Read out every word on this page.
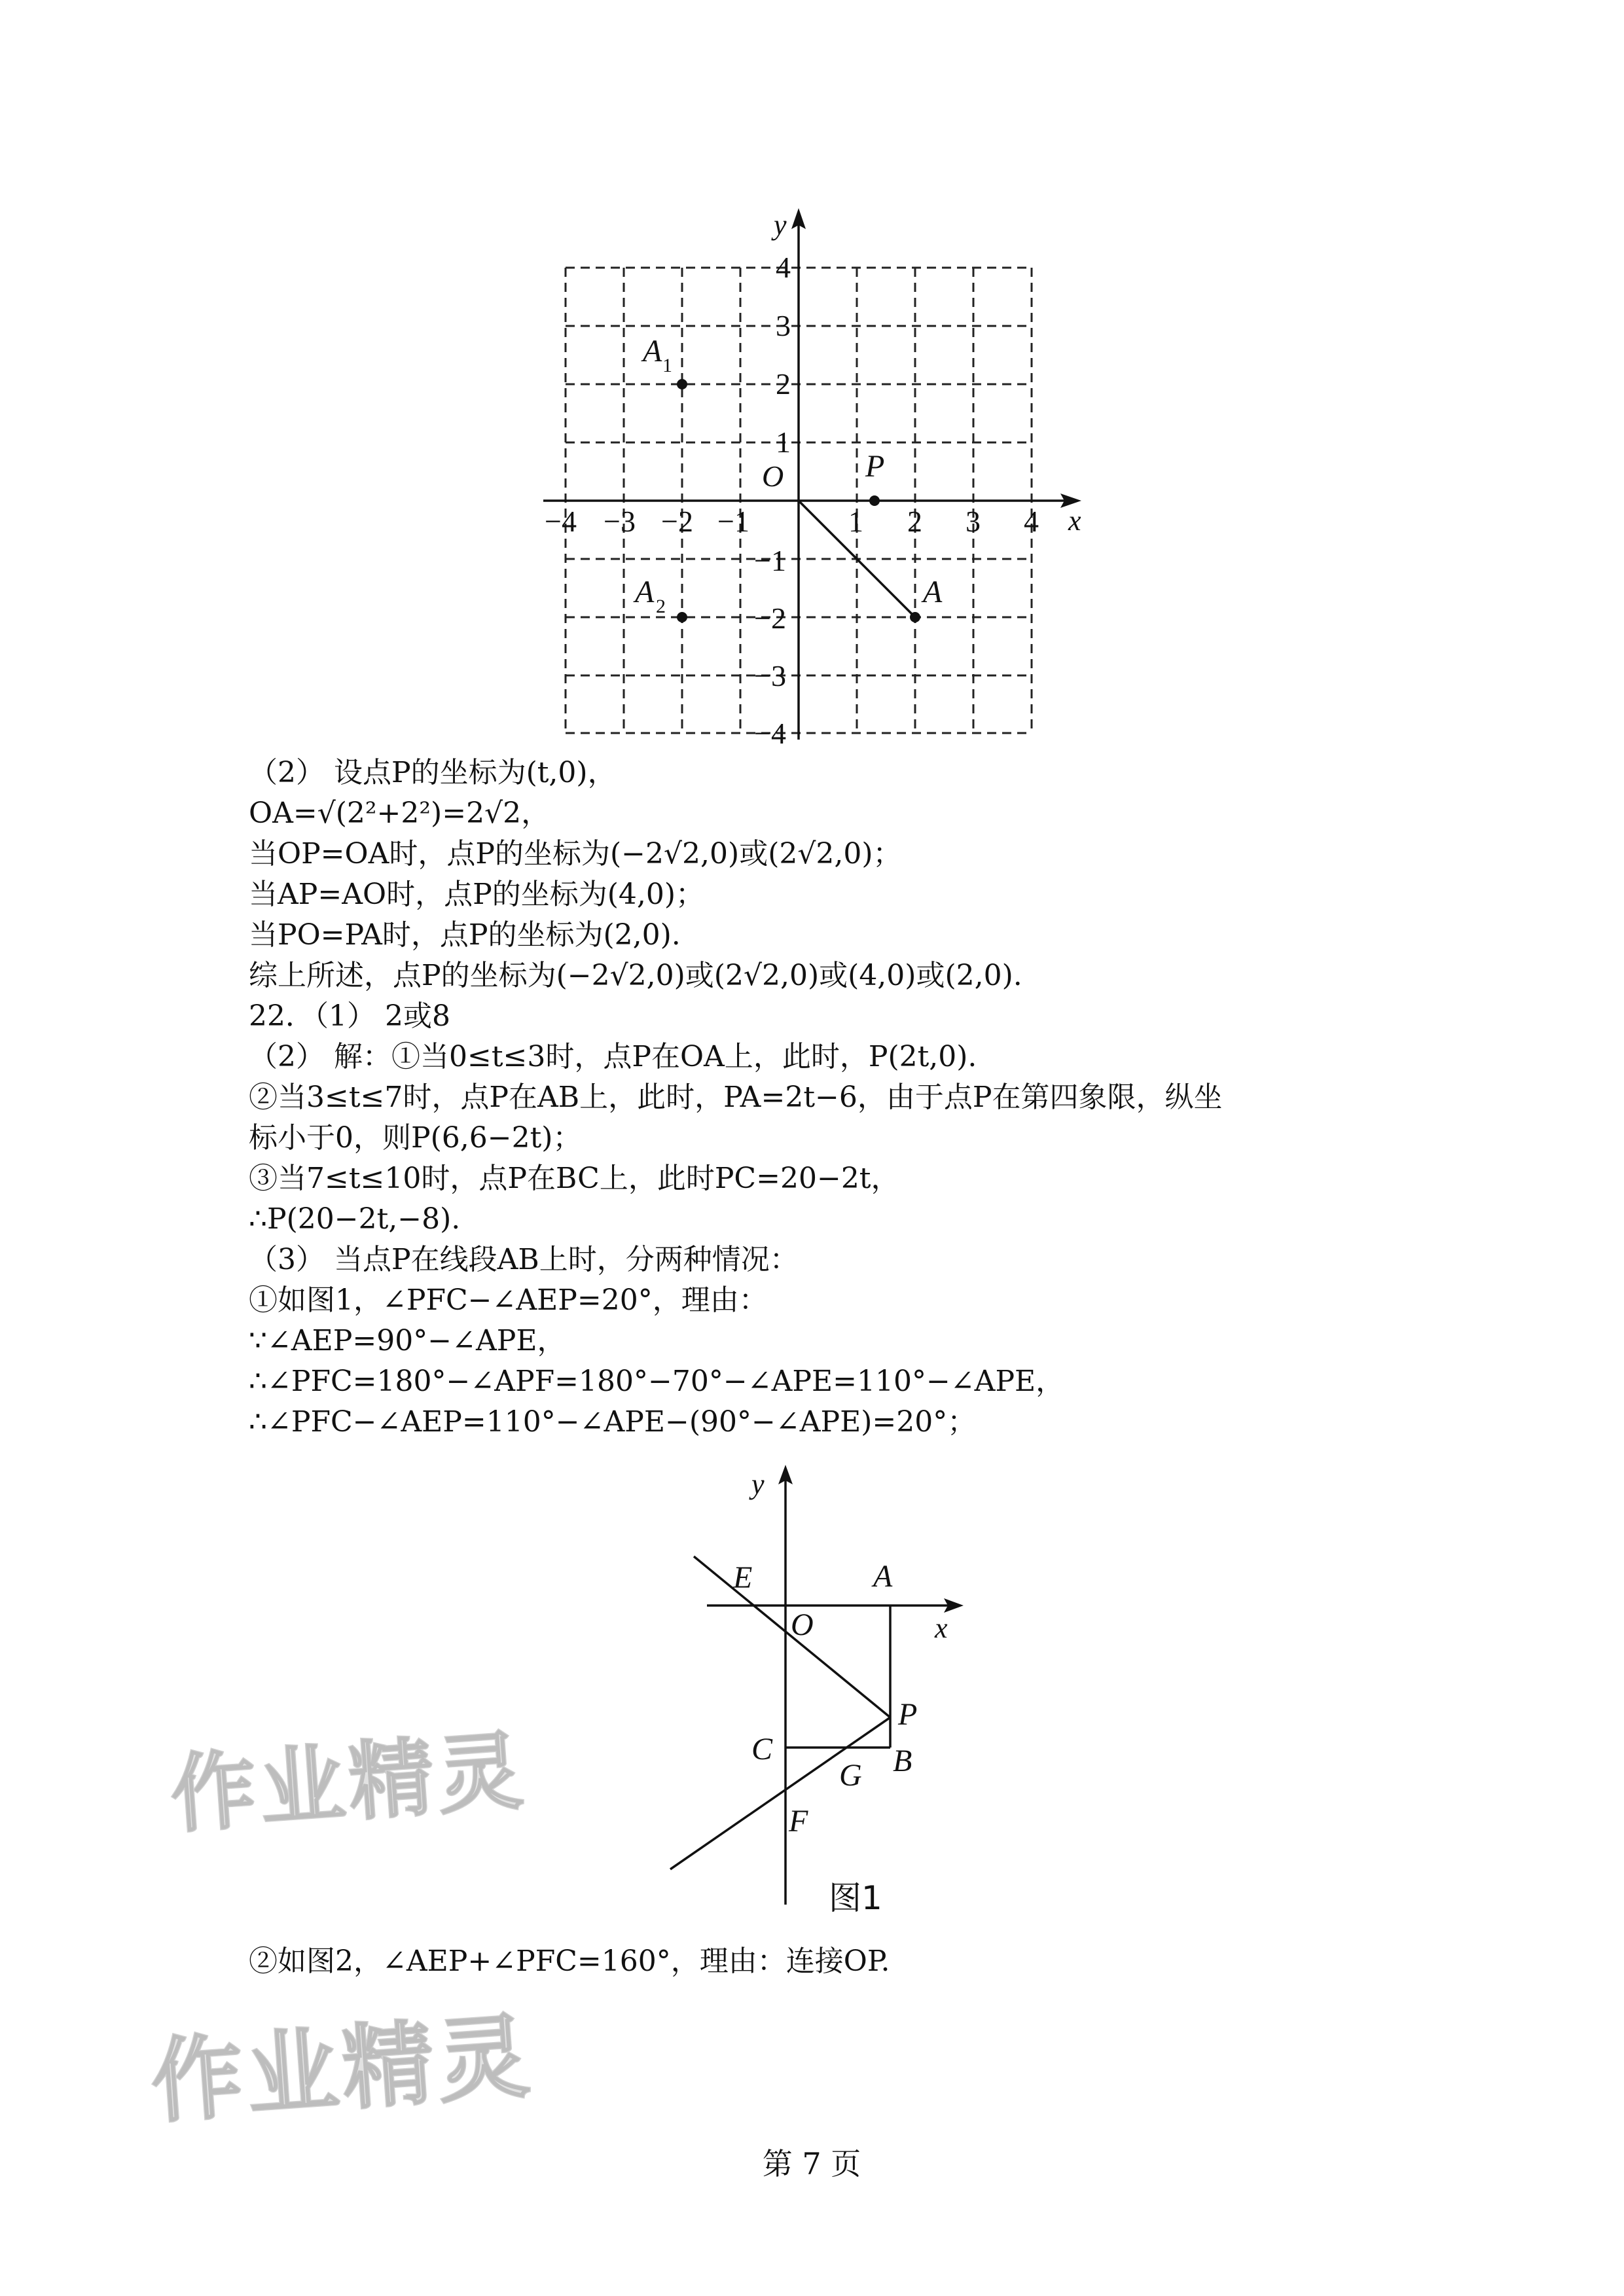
x
y
O
−4 −3 −2 −1	1 2 3 4
4
3
2
1
−1
−2
−3
−4
P
A
A 1
A 2
（2） 设点P的坐标为(t,0)，
OA=√(2²+2²)=2√2，
当OP=OA时，点P的坐标为(−2√2,0)或(2√2,0)；
当AP=AO时，点P的坐标为(4,0)；
当PO=PA时，点P的坐标为(2,0).
综上所述，点P的坐标为(−2√2,0)或(2√2,0)或(4,0)或(2,0).
22．（1） 2或8
（2） 解：①当0≤t≤3时，点P在OA上，此时，P(2t,0).
②当3≤t≤7时，点P在AB上，此时，PA=2t−6，由于点P在第四象限，纵坐
标小于0，则P(6,6−2t)；
③当7≤t≤10时，点P在BC上，此时PC=20−2t，
∴P(20−2t,−8).
（3） 当点P在线段AB上时，分两种情况：
①如图1，∠PFC−∠AEP=20°，理由：
∵∠AEP=90°−∠APE，
∴∠PFC=180°−∠APF=180°−70°−∠APE=110°−∠APE，
∴∠PFC−∠AEP=110°−∠APE−(90°−∠APE)=20°；
x
y
E	A
O
P
C	B
G
F
图1
②如图2，∠AEP+∠PFC=160°，理由：连接OP.
作业精灵
作业精灵
第 7 页
